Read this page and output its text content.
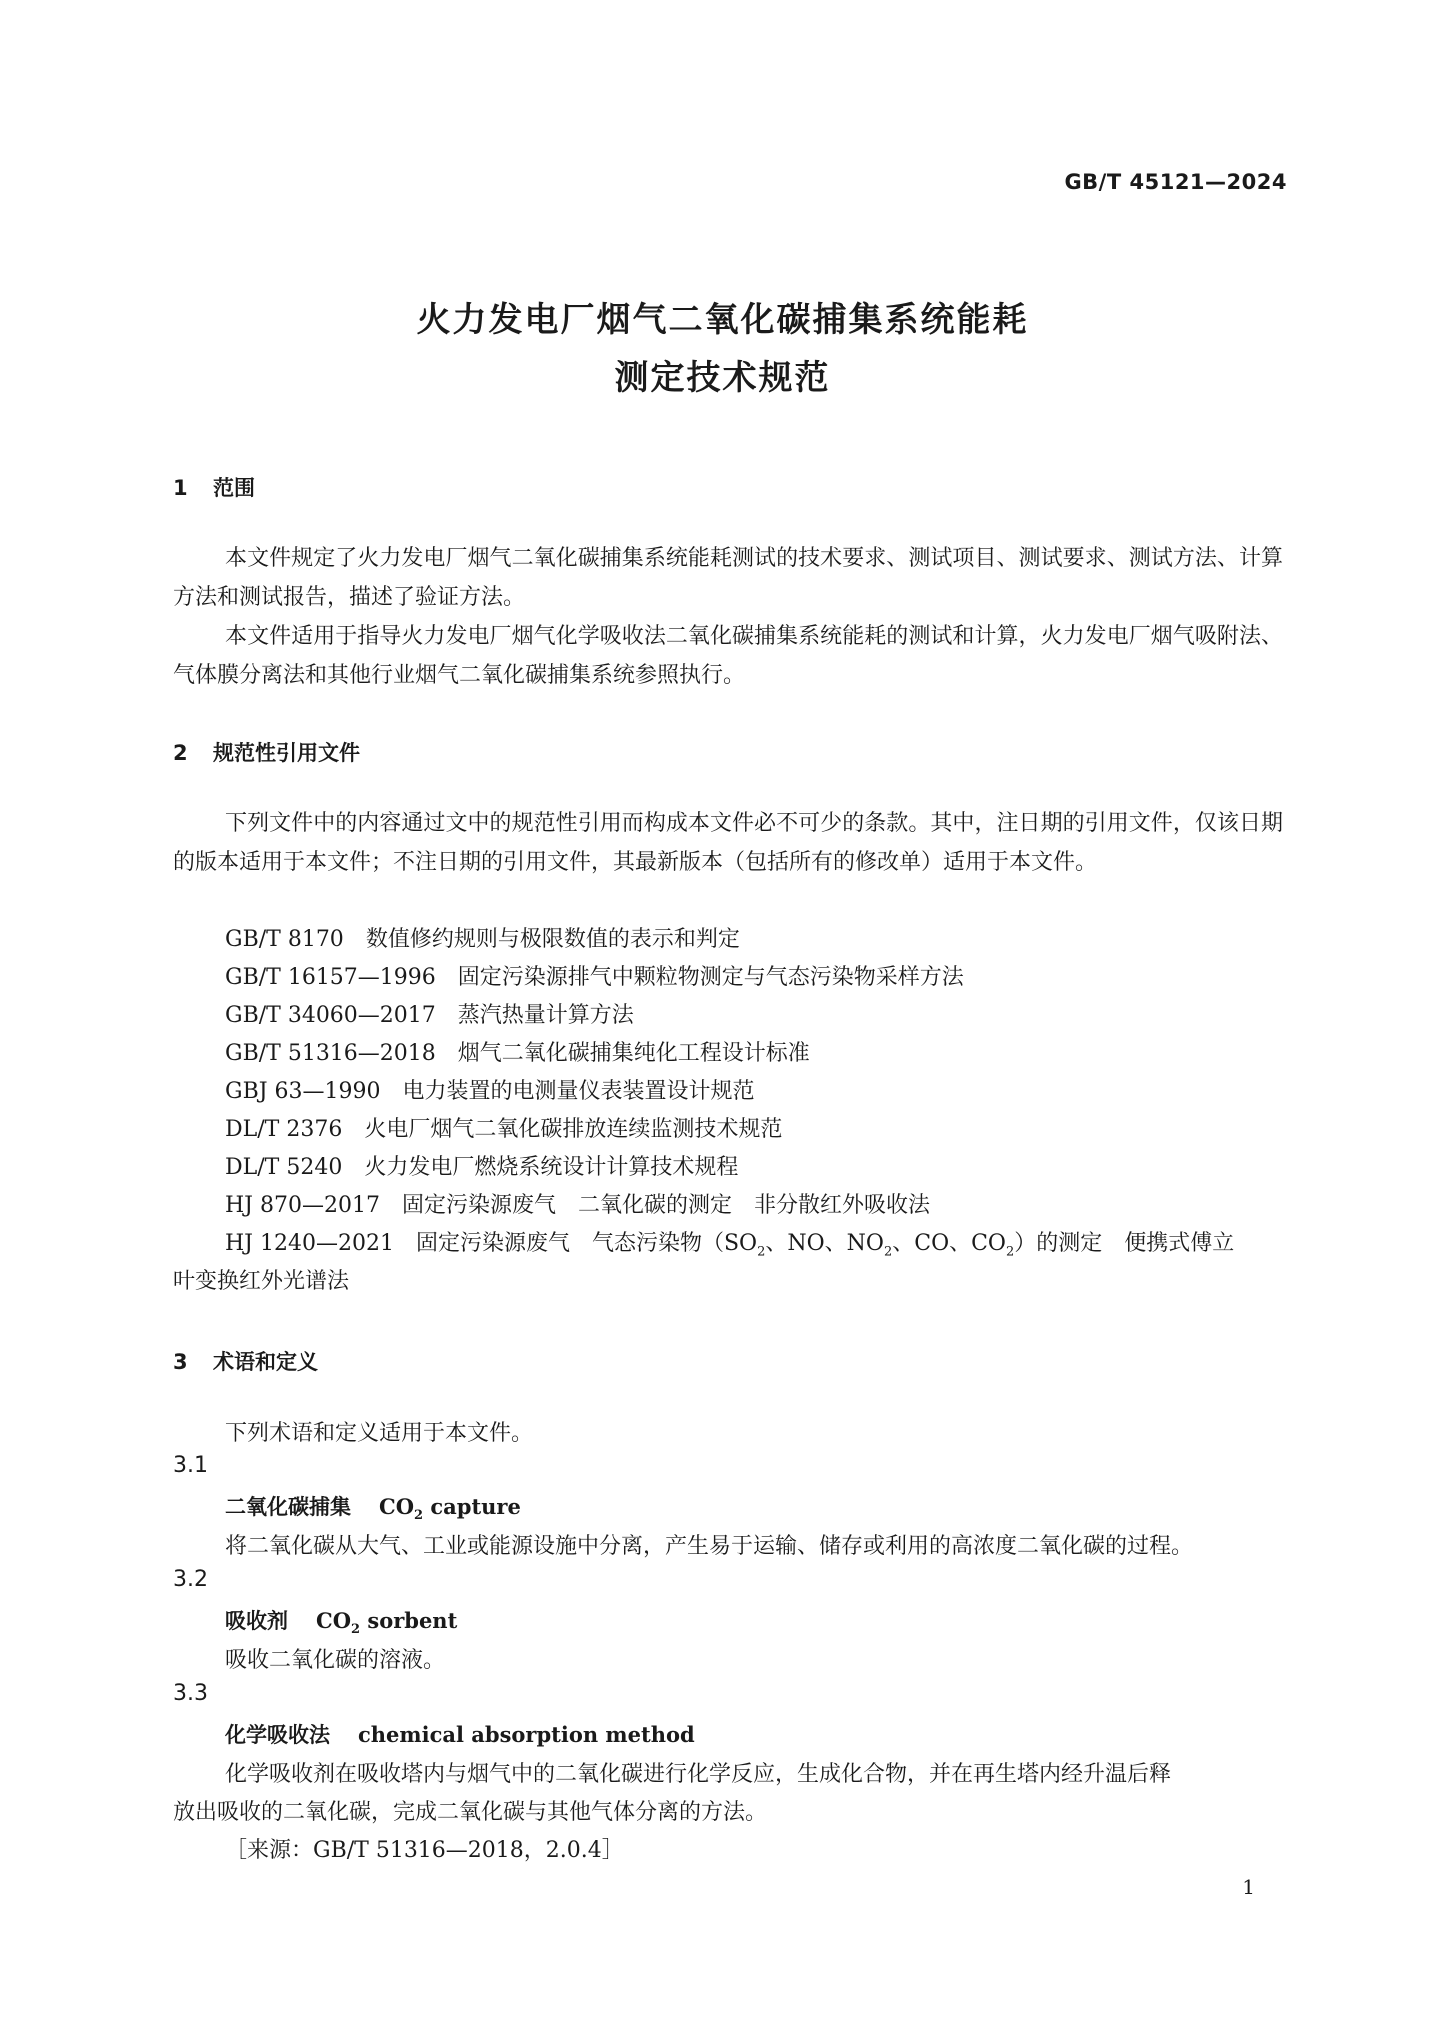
GB/T 45121—2024
火力发电厂烟气二氧化碳捕集系统能耗
测定技术规范
1 范围
本文件规定了火力发电厂烟气二氧化碳捕集系统能耗测试的技术要求、测试项目、测试要求、测试方法、计算方法和测试报告，描述了验证方法。
本文件适用于指导火力发电厂烟气化学吸收法二氧化碳捕集系统能耗的测试和计算，火力发电厂烟气吸附法、气体膜分离法和其他行业烟气二氧化碳捕集系统参照执行。
2 规范性引用文件
下列文件中的内容通过文中的规范性引用而构成本文件必不可少的条款。其中，注日期的引用文件，仅该日期的版本适用于本文件；不注日期的引用文件，其最新版本（包括所有的修改单）适用于本文件。
GB/T 8170 数值修约规则与极限数值的表示和判定
GB/T 16157—1996 固定污染源排气中颗粒物测定与气态污染物采样方法
GB/T 34060—2017 蒸汽热量计算方法
GB/T 51316—2018 烟气二氧化碳捕集纯化工程设计标准
GBJ 63—1990 电力装置的电测量仪表装置设计规范
DL/T 2376 火电厂烟气二氧化碳排放连续监测技术规范
DL/T 5240 火力发电厂燃烧系统设计计算技术规程
HJ 870—2017 固定污染源废气　二氧化碳的测定　非分散红外吸收法
HJ 1240—2021 固定污染源废气　气态污染物（$SO_2$、NO、$NO_2$、CO、$CO_2$）的测定　便携式傅立
叶变换红外光谱法
3 术语和定义
下列术语和定义适用于本文件。
3.1
二氧化碳捕集 $CO_2$ capture
将二氧化碳从大气、工业或能源设施中分离，产生易于运输、储存或利用的高浓度二氧化碳的过程。
3.2
吸收剂 $CO_2$ sorbent
吸收二氧化碳的溶液。
3.3
化学吸收法 chemical absorption method
化学吸收剂在吸收塔内与烟气中的二氧化碳进行化学反应，生成化合物，并在再生塔内经升温后释
放出吸收的二氧化碳，完成二氧化碳与其他气体分离的方法。
［来源：GB/T 51316—2018，2.0.4］
1
